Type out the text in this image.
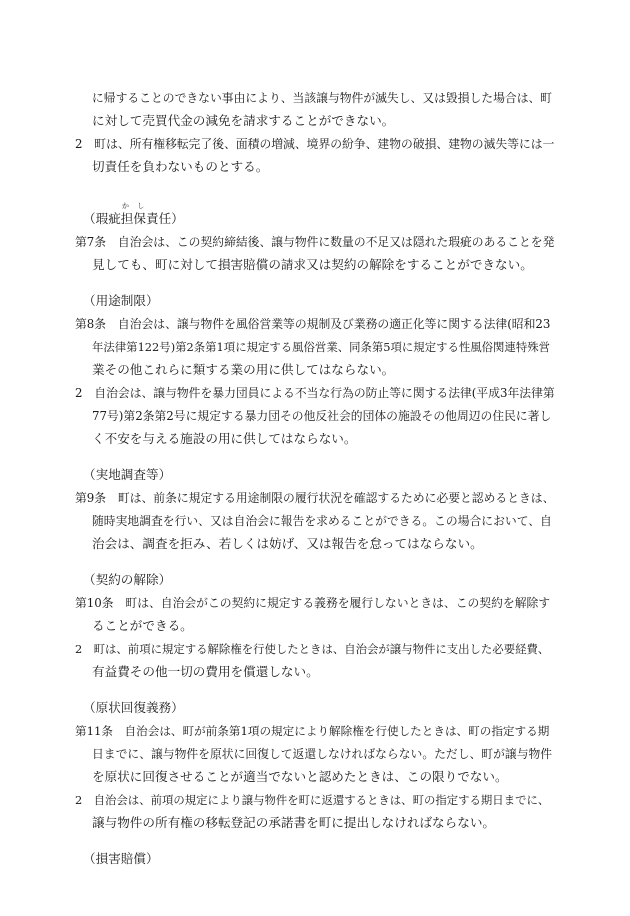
に帰することのできない事由により、当該譲与物件が滅失し、又は毀損した場合は、町
に対して売買代金の減免を請求することができない。
2　町は、所有権移転完了後、面積の増減、境界の紛争、建物の破損、建物の滅失等には一
切責任を負わないものとする。
か し
（瑕疵担保責任）
第7条　自治会は、この契約締結後、譲与物件に数量の不足又は隠れた瑕疵のあることを発
見しても、町に対して損害賠償の請求又は契約の解除をすることができない。
（用途制限）
第8条　自治会は、譲与物件を風俗営業等の規制及び業務の適正化等に関する法律(昭和23
年法律第122号)第2条第1項に規定する風俗営業、同条第5項に規定する性風俗関連特殊営
業その他これらに類する業の用に供してはならない。
2　自治会は、譲与物件を暴力団員による不当な行為の防止等に関する法律(平成3年法律第
77号)第2条第2号に規定する暴力団その他反社会的団体の施設その他周辺の住民に著し
く不安を与える施設の用に供してはならない。
（実地調査等）
第9条　町は、前条に規定する用途制限の履行状況を確認するために必要と認めるときは、
随時実地調査を行い、又は自治会に報告を求めることができる。この場合において、自
治会は、調査を拒み、若しくは妨げ、又は報告を怠ってはならない。
（契約の解除）
第10条　町は、自治会がこの契約に規定する義務を履行しないときは、この契約を解除す
ることができる。
2　町は、前項に規定する解除権を行使したときは、自治会が譲与物件に支出した必要経費、
有益費その他一切の費用を償還しない。
（原状回復義務）
第11条　自治会は、町が前条第1項の規定により解除権を行使したときは、町の指定する期
日までに、譲与物件を原状に回復して返還しなければならない。ただし、町が譲与物件
を原状に回復させることが適当でないと認めたときは、この限りでない。
2　自治会は、前項の規定により譲与物件を町に返還するときは、町の指定する期日までに、
譲与物件の所有権の移転登記の承諾書を町に提出しなければならない。
（損害賠償）
